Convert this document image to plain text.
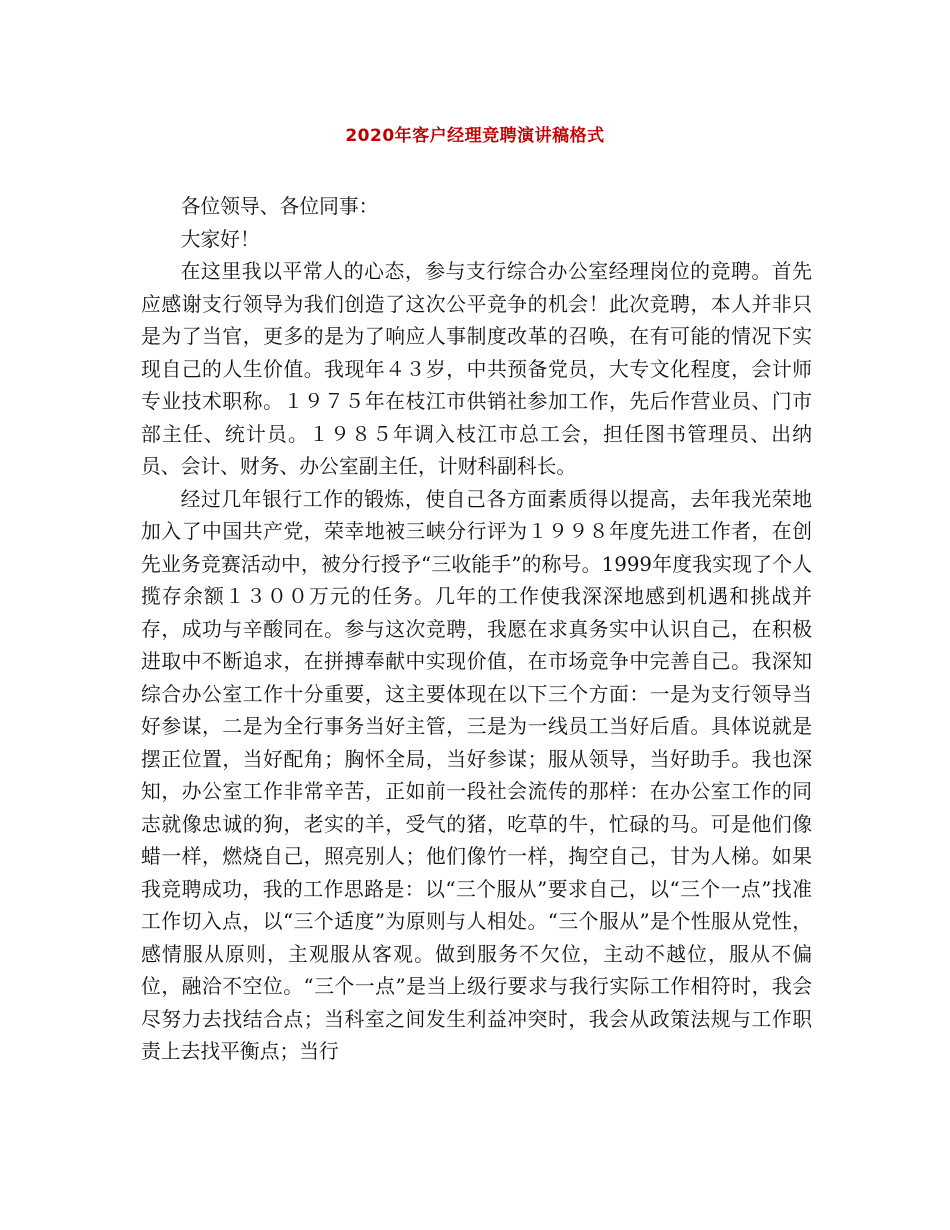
2020年客户经理竞聘演讲稿格式

各位领导、各位同事：

大家好！

在这里我以平常人的心态，参与支行综合办公室经理岗位的竞聘。首先应感谢支行领导为我们创造了这次公平竞争的机会！此次竞聘，本人并非只是为了当官，更多的是为了响应人事制度改革的召唤，在有可能的情况下实现自己的人生价值。我现年４３岁，中共预备党员，大专文化程度，会计师专业技术职称。１９７５年在枝江市供销社参加工作，先后作营业员、门市部主任、统计员。１９８５年调入枝江市总工会，担任图书管理员、出纳员、会计、财务、办公室副主任，计财科副科长。

经过几年银行工作的锻炼，使自己各方面素质得以提高，去年我光荣地加入了中国共产党，荣幸地被三峡分行评为１９９８年度先进工作者，在创先业务竞赛活动中，被分行授予“三收能手”的称号。1999年度我实现了个人揽存余额１３００万元的任务。几年的工作使我深深地感到机遇和挑战并存，成功与辛酸同在。参与这次竞聘，我愿在求真务实中认识自己，在积极进取中不断追求，在拼搏奉献中实现价值，在市场竞争中完善自己。我深知综合办公室工作十分重要，这主要体现在以下三个方面：一是为支行领导当好参谋，二是为全行事务当好主管，三是为一线员工当好后盾。具体说就是摆正位置，当好配角；胸怀全局，当好参谋；服从领导，当好助手。我也深知，办公室工作非常辛苦，正如前一段社会流传的那样：在办公室工作的同志就像忠诚的狗，老实的羊，受气的猪，吃草的牛，忙碌的马。可是他们像蜡一样，燃烧自己，照亮别人；他们像竹一样，掏空自己，甘为人梯。如果我竞聘成功，我的工作思路是：以“三个服从”要求自己，以“三个一点”找准工作切入点，以“三个适度”为原则与人相处。“三个服从”是个性服从党性，感情服从原则，主观服从客观。做到服务不欠位，主动不越位，服从不偏位，融洽不空位。“三个一点”是当上级行要求与我行实际工作相符时，我会尽努力去找结合点；当科室之间发生利益冲突时，我会从政策法规与工作职责上去找平衡点；当行
